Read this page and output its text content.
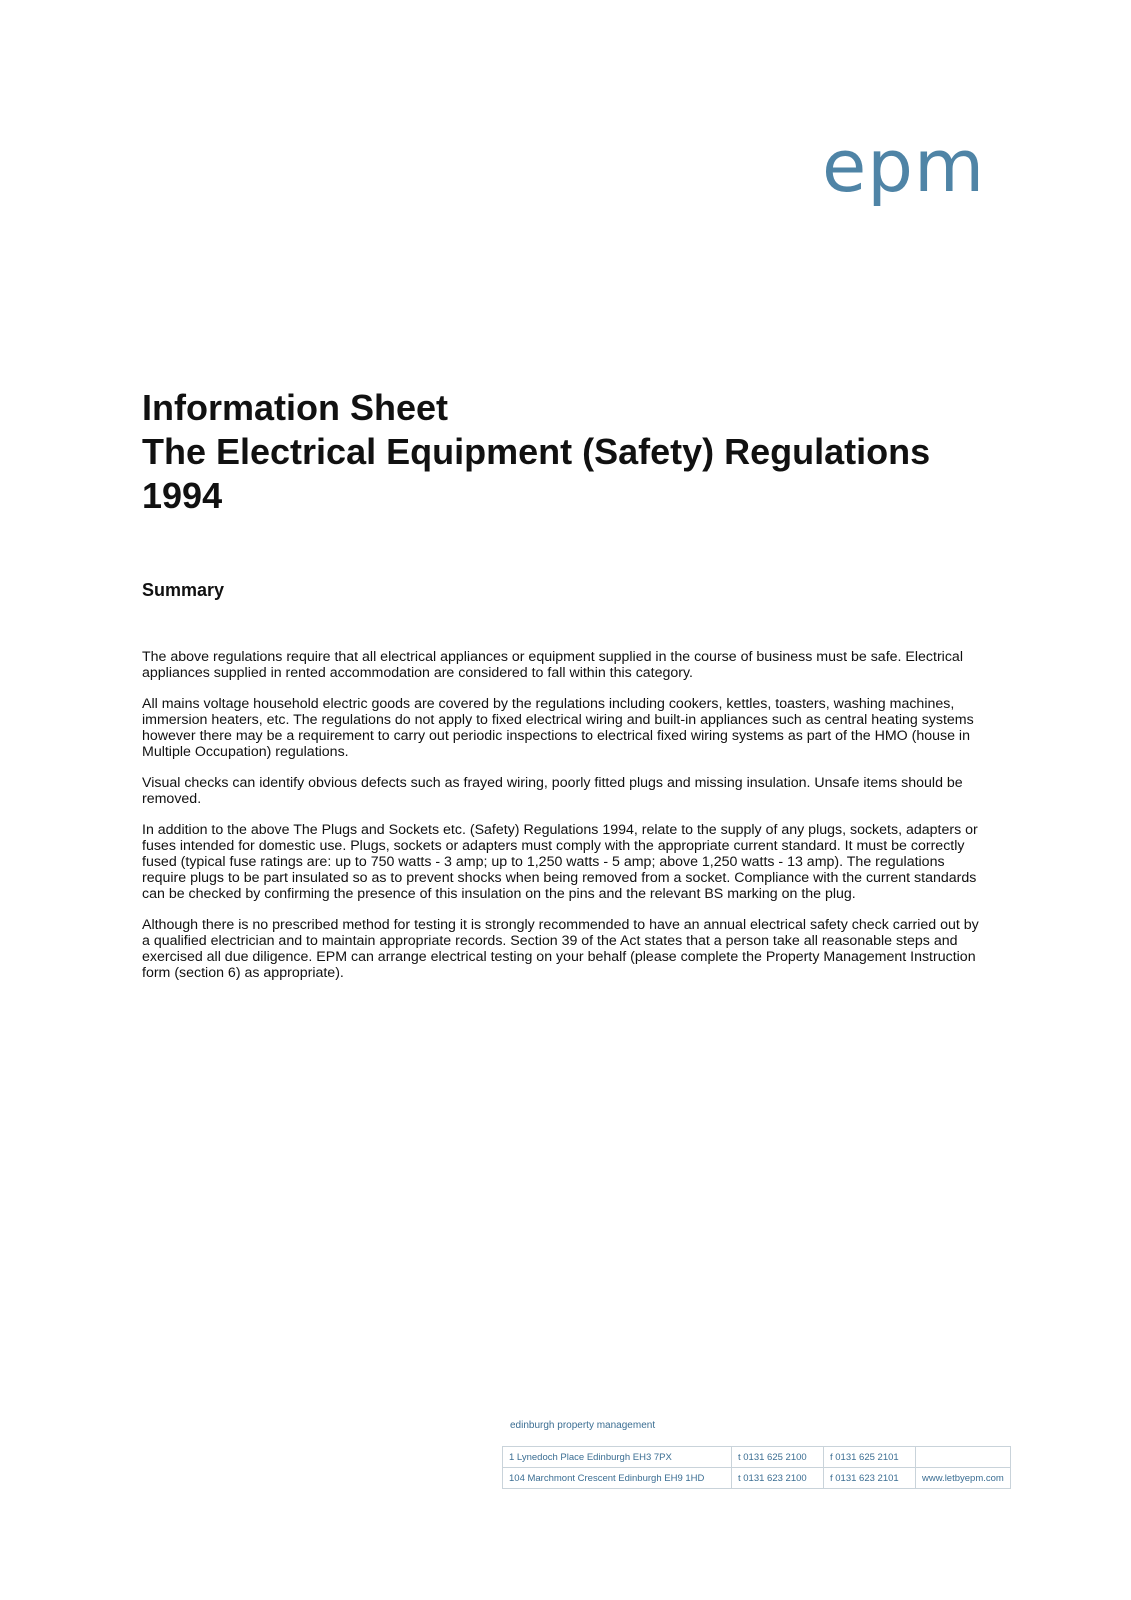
epm
Information Sheet
The Electrical Equipment (Safety) Regulations
1994
Summary

The above regulations require that all electrical appliances or equipment supplied in the course of business must be safe. Electrical appliances supplied in rented accommodation are considered to fall within this category.

All mains voltage household electric goods are covered by the regulations including cookers, kettles, toasters, washing machines, immersion heaters, etc. The regulations do not apply to fixed electrical wiring and built-in appliances such as central heating systems however there may be a requirement to carry out periodic inspections to electrical fixed wiring systems as part of the HMO (house in Multiple Occupation) regulations.

Visual checks can identify obvious defects such as frayed wiring, poorly fitted plugs and missing insulation. Unsafe items should be removed.

In addition to the above The Plugs and Sockets etc. (Safety) Regulations 1994, relate to the supply of any plugs, sockets, adapters or fuses intended for domestic use. Plugs, sockets or adapters must comply with the appropriate current standard. It must be correctly fused (typical fuse ratings are: up to 750 watts - 3 amp; up to 1,250 watts - 5 amp; above 1,250 watts - 13 amp). The regulations require plugs to be part insulated so as to prevent shocks when being removed from a socket. Compliance with the current standards can be checked by confirming the presence of this insulation on the pins and the relevant BS marking on the plug.

Although there is no prescribed method for testing it is strongly recommended to have an annual electrical safety check carried out by a qualified electrician and to maintain appropriate records. Section 39 of the Act states that a person take all reasonable steps and exercised all due diligence. EPM can arrange electrical testing on your behalf (please complete the Property Management Instruction form (section 6) as appropriate).

edinburgh property management
1 Lynedoch Place Edinburgh EH3 7PX	t 0131 625 2100	f 0131 625 2101	
104 Marchmont Crescent Edinburgh EH9 1HD	t 0131 623 2100	f 0131 623 2101	www.letbyepm.com
